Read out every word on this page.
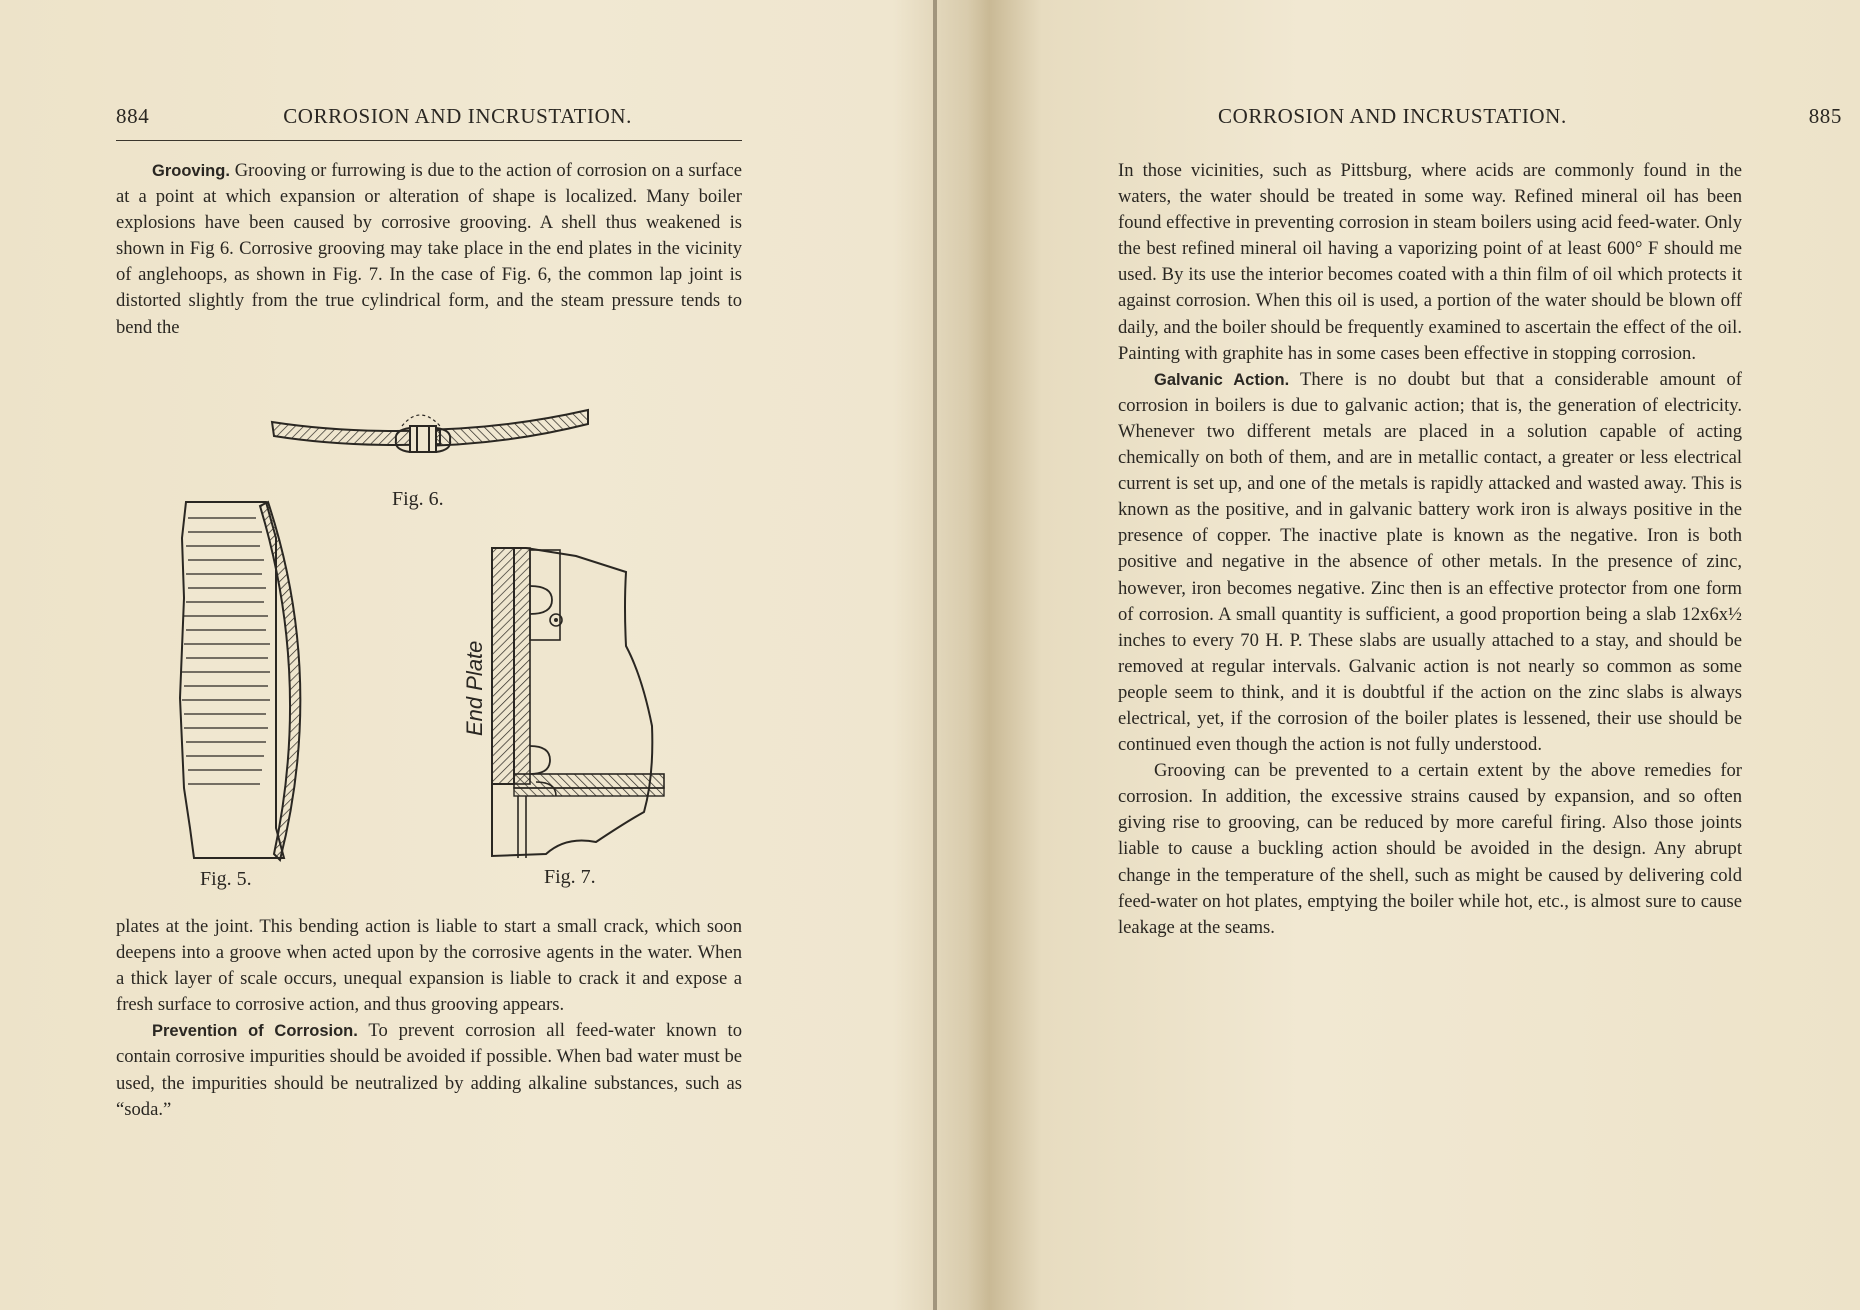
884	CORROSION AND INCRUSTATION.

Grooving. Grooving or furrowing is due to the action of corrosion on a surface at a point at which expansion or alteration of shape is localized. Many boiler explosions have been caused by corrosive grooving. A shell thus weakened is shown in Fig 6. Corrosive grooving may take place in the end plates in the vicinity of anglehoops, as shown in Fig. 7. In the case of Fig. 6, the common lap joint is distorted slightly from the true cylindrical form, and the steam pressure tends to bend the

Fig. 6.
Fig. 5.
End Plate
Fig. 7.

plates at the joint. This bending action is liable to start a small crack, which soon deepens into a groove when acted upon by the corrosive agents in the water. When a thick layer of scale occurs, unequal expansion is liable to crack it and expose a fresh surface to corrosive action, and thus grooving appears.

Prevention of Corrosion. To prevent corrosion all feed-water known to contain corrosive impurities should be avoided if possible. When bad water must be used, the impurities should be neutralized by adding alkaline substances, such as “soda.”

CORROSION AND INCRUSTATION.	885

In those vicinities, such as Pittsburg, where acids are commonly found in the waters, the water should be treated in some way. Refined mineral oil has been found effective in preventing corrosion in steam boilers using acid feed-water. Only the best refined mineral oil having a vaporizing point of at least 600° F should me used. By its use the interior becomes coated with a thin film of oil which protects it against corrosion. When this oil is used, a portion of the water should be blown off daily, and the boiler should be frequently examined to ascertain the effect of the oil. Painting with graphite has in some cases been effective in stopping corrosion.

Galvanic Action. There is no doubt but that a considerable amount of corrosion in boilers is due to galvanic action; that is, the generation of electricity. Whenever two different metals are placed in a solution capable of acting chemically on both of them, and are in metallic contact, a greater or less electrical current is set up, and one of the metals is rapidly attacked and wasted away. This is known as the positive, and in galvanic battery work iron is always positive in the presence of copper. The inactive plate is known as the negative. Iron is both positive and negative in the absence of other metals. In the presence of zinc, however, iron becomes negative. Zinc then is an effective protector from one form of corrosion. A small quantity is sufficient, a good proportion being a slab 12x6x½ inches to every 70 H. P. These slabs are usually attached to a stay, and should be removed at regular intervals. Galvanic action is not nearly so common as some people seem to think, and it is doubtful if the action on the zinc slabs is always electrical, yet, if the corrosion of the boiler plates is lessened, their use should be continued even though the action is not fully understood.

Grooving can be prevented to a certain extent by the above remedies for corrosion. In addition, the excessive strains caused by expansion, and so often giving rise to grooving, can be reduced by more careful firing. Also those joints liable to cause a buckling action should be avoided in the design. Any abrupt change in the temperature of the shell, such as might be caused by delivering cold feed-water on hot plates, emptying the boiler while hot, etc., is almost sure to cause leakage at the seams.
